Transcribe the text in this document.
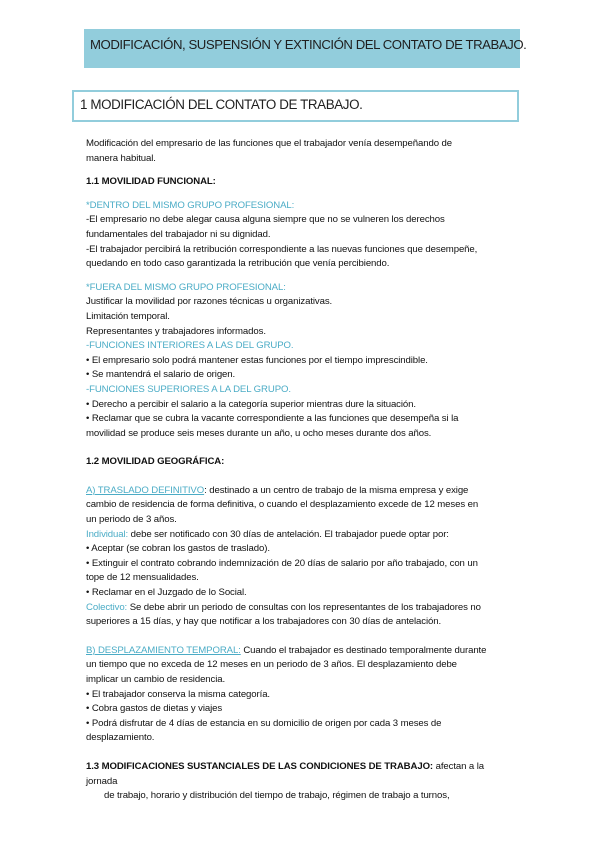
MODIFICACIÓN, SUSPENSIÓN Y EXTINCIÓN DEL CONTATO DE TRABAJO.
1 MODIFICACIÓN DEL CONTATO DE TRABAJO.

Modificación del empresario de las funciones que el trabajador venía desempeñando de

manera habitual.

1.1 MOVILIDAD FUNCIONAL:

*DENTRO DEL MISMO GRUPO PROFESIONAL:

-El empresario no debe alegar causa alguna siempre que no se vulneren los derechos

fundamentales del trabajador ni su dignidad.

-El trabajador percibirá la retribución correspondiente a las nuevas funciones que desempeñe,

quedando en todo caso garantizada la retribución que venía percibiendo.

*FUERA DEL MISMO GRUPO PROFESIONAL:

Justificar la movilidad por razones técnicas u organizativas.

Limitación temporal.

Representantes y trabajadores informados.

-FUNCIONES INTERIORES A LAS DEL GRUPO.

• El empresario solo podrá mantener estas funciones por el tiempo imprescindible.

• Se mantendrá el salario de origen.

-FUNCIONES SUPERIORES A LA DEL GRUPO.

• Derecho a percibir el salario a la categoría superior mientras dure la situación.

• Reclamar que se cubra la vacante correspondiente a las funciones que desempeña si la

movilidad se produce seis meses durante un año, u ocho meses durante dos años.

1.2 MOVILIDAD GEOGRÁFICA:

A) TRASLADO DEFINITIVO: destinado a un centro de trabajo de la misma empresa y exige

cambio de residencia de forma definitiva, o cuando el desplazamiento excede de 12 meses en

un periodo de 3 años.

Individual: debe ser notificado con 30 días de antelación. El trabajador puede optar por:

• Aceptar (se cobran los gastos de traslado).

• Extinguir el contrato cobrando indemnización de 20 días de salario por año trabajado, con un

tope de 12 mensualidades.

• Reclamar en el Juzgado de lo Social.

Colectivo: Se debe abrir un periodo de consultas con los representantes de los trabajadores no

superiores a 15 días, y hay que notificar a los trabajadores con 30 días de antelación.

B) DESPLAZAMIENTO TEMPORAL: Cuando el trabajador es destinado temporalmente durante

un tiempo que no exceda de 12 meses en un periodo de 3 años. El desplazamiento debe

implicar un cambio de residencia.

• El trabajador conserva la misma categoría.

• Cobra gastos de dietas y viajes

• Podrá disfrutar de 4 días de estancia en su domicilio de origen por cada 3 meses de

desplazamiento.

1.3 MODIFICACIONES SUSTANCIALES DE LAS CONDICIONES DE TRABAJO: afectan a la jornada

de trabajo, horario y distribución del tiempo de trabajo, régimen de trabajo a turnos,
